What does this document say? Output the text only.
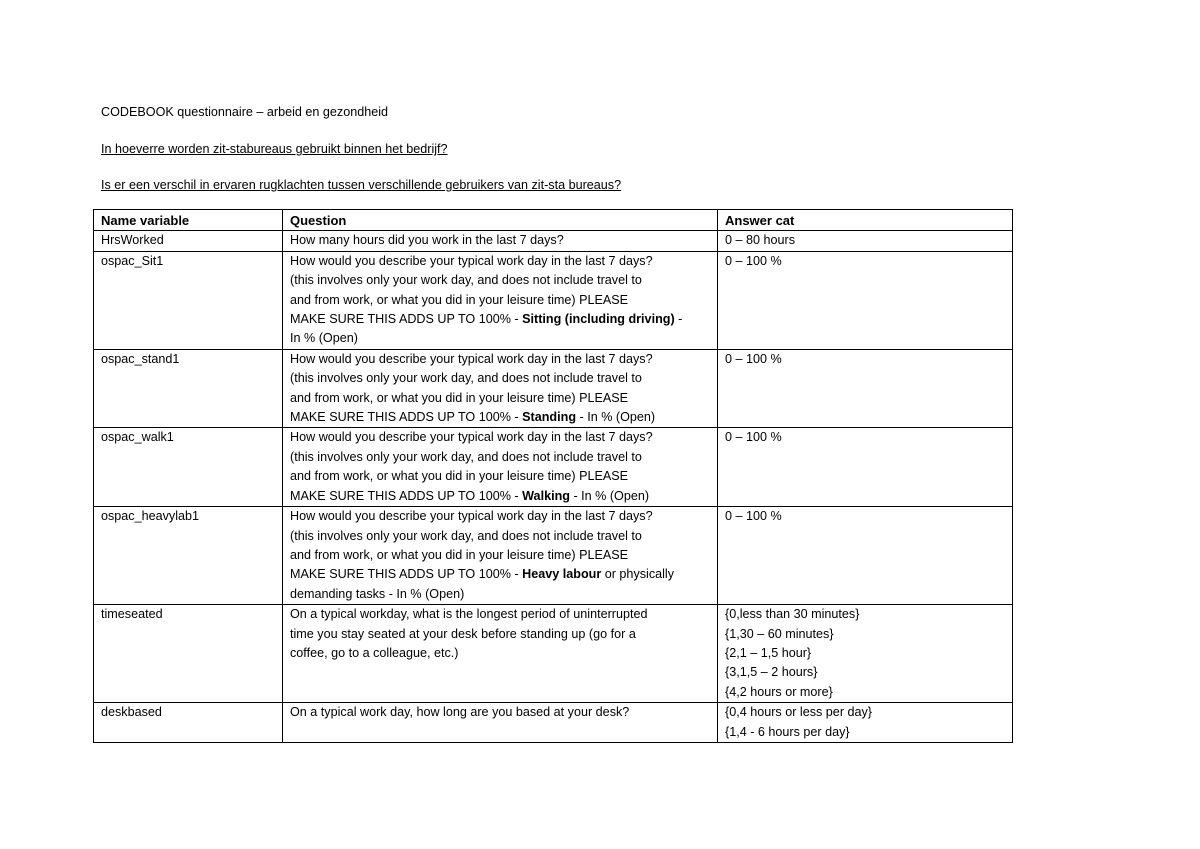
CODEBOOK questionnaire – arbeid en gezondheid

In hoeverre worden zit-stabureaus gebruikt binnen het bedrijf?

Is er een verschil in ervaren rugklachten tussen verschillende gebruikers van zit-sta bureaus?

Name variable	Question	Answer cat
HrsWorked	How many hours did you work in the last 7 days?	0 – 80 hours
ospac_Sit1	How would you describe your typical work day in the last 7 days?
(this involves only your work day, and does not include travel to
and from work, or what you did in your leisure time) PLEASE
MAKE SURE THIS ADDS UP TO 100% - Sitting (including driving) -
In % (Open)	0 – 100 %
ospac_stand1	How would you describe your typical work day in the last 7 days?
(this involves only your work day, and does not include travel to
and from work, or what you did in your leisure time) PLEASE
MAKE SURE THIS ADDS UP TO 100% - Standing - In % (Open)	0 – 100 %
ospac_walk1	How would you describe your typical work day in the last 7 days?
(this involves only your work day, and does not include travel to
and from work, or what you did in your leisure time) PLEASE
MAKE SURE THIS ADDS UP TO 100% - Walking - In % (Open)	0 – 100 %
ospac_heavylab1	How would you describe your typical work day in the last 7 days?
(this involves only your work day, and does not include travel to
and from work, or what you did in your leisure time) PLEASE
MAKE SURE THIS ADDS UP TO 100% - Heavy labour or physically
demanding tasks - In % (Open)	0 – 100 %
timeseated	On a typical workday, what is the longest period of uninterrupted
time you stay seated at your desk before standing up (go for a
coffee, go to a colleague, etc.)	{0,less than 30 minutes}
{1,30 – 60 minutes}
{2,1 – 1,5 hour}
{3,1,5 – 2 hours}
{4,2 hours or more}

deskbased	On a typical work day, how long are you based at your desk?	{0,4 hours or less per day}
{1,4 - 6 hours per day}
